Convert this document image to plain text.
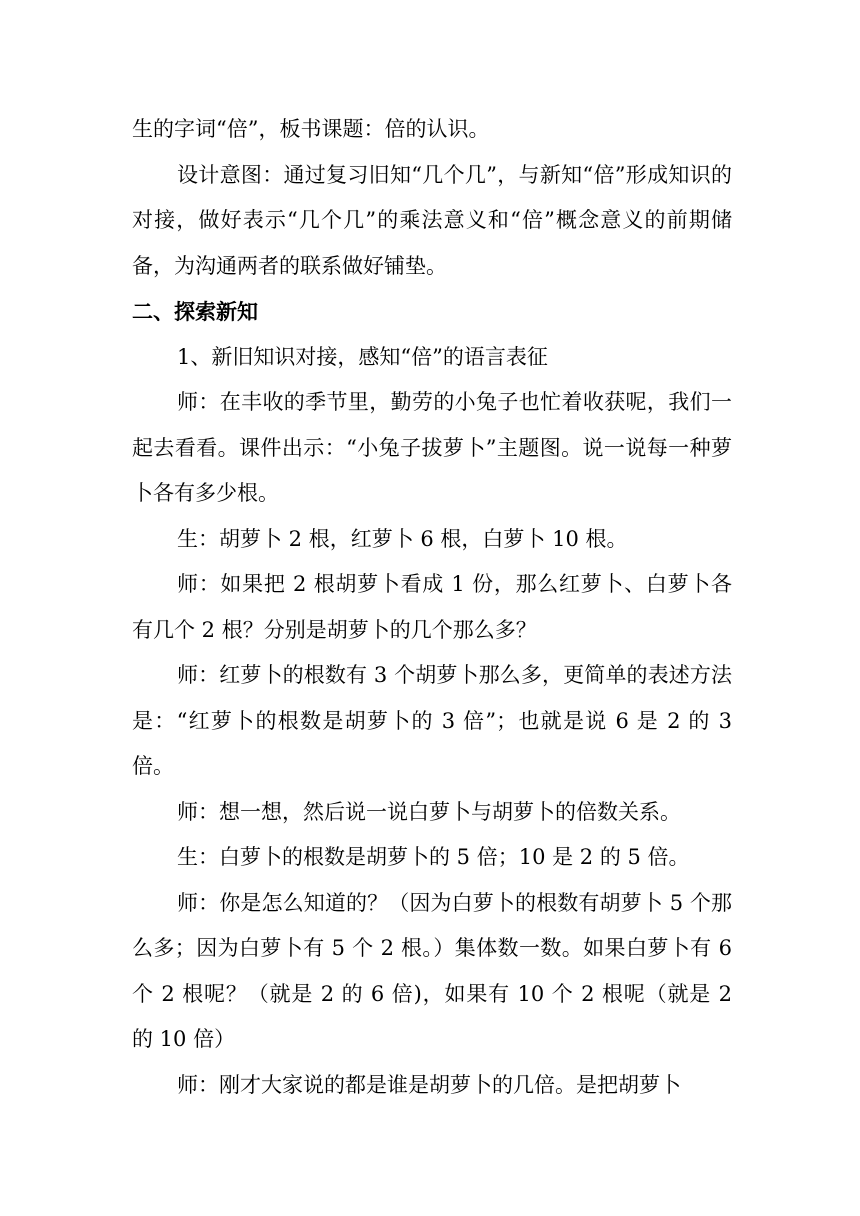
生的字词“倍”，板书课题：倍的认识。

设计意图：通过复习旧知“几个几”，与新知“倍”形成知识的对接，做好表示“几个几”的乘法意义和“倍”概念意义的前期储备，为沟通两者的联系做好铺垫。

二、探索新知

1、新旧知识对接，感知“倍”的语言表征

师：在丰收的季节里，勤劳的小兔子也忙着收获呢，我们一起去看看。课件出示：“小兔子拔萝卜”主题图。说一说每一种萝卜各有多少根。

生：胡萝卜 2 根，红萝卜 6 根，白萝卜 10 根。

师：如果把 2 根胡萝卜看成 1 份，那么红萝卜、白萝卜各有几个 2 根？分别是胡萝卜的几个那么多？

师：红萝卜的根数有 3 个胡萝卜那么多，更简单的表述方法是：“红萝卜的根数是胡萝卜的 3 倍”；也就是说 6 是 2 的 3 倍。

师：想一想，然后说一说白萝卜与胡萝卜的倍数关系。

生：白萝卜的根数是胡萝卜的 5 倍；10 是 2 的 5 倍。

师：你是怎么知道的？（因为白萝卜的根数有胡萝卜 5 个那么多；因为白萝卜有 5 个 2 根。）集体数一数。如果白萝卜有 6 个 2 根呢？（就是 2 的 6 倍)，如果有 10 个 2 根呢（就是 2 的 10 倍）

师：刚才大家说的都是谁是胡萝卜的几倍。是把胡萝卜
